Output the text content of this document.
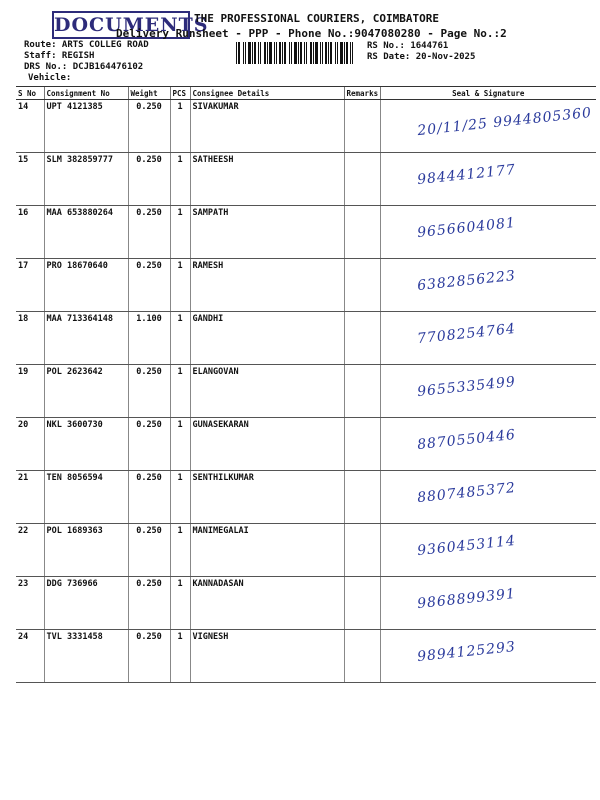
DOCUMENTS
THE PROFESSIONAL COURIERS, COIMBATORE
Delivery Runsheet - PPP - Phone No.:9047080280 - Page No.:2
Route: ARTS COLLEG ROAD
Staff: REGISH
DRS No.: DCJB164476102
Vehicle:
RS No.: 1644761
RS Date: 20-Nov-2025
S No	Consignment No	Weight	PCS	Consignee Details	Remarks	Seal & Signature
14	UPT 4121385	0.250	1	SIVAKUMAR		20/11/25 9944805360

15	SLM 382859777	0.250	1	SATHEESH		9844412177

16	MAA 653880264	0.250	1	SAMPATH		9656604081

17	PRO 18670640	0.250	1	RAMESH		6382856223

18	MAA 713364148	1.100	1	GANDHI		7708254764

19	POL 2623642	0.250	1	ELANGOVAN		9655335499

20	NKL 3600730	0.250	1	GUNASEKARAN		8870550446

21	TEN 8056594	0.250	1	SENTHILKUMAR		8807485372

22	POL 1689363	0.250	1	MANIMEGALAI		9360453114

23	DDG 736966	0.250	1	KANNADASAN		9868899391

24	TVL 3331458	0.250	1	VIGNESH		9894125293
